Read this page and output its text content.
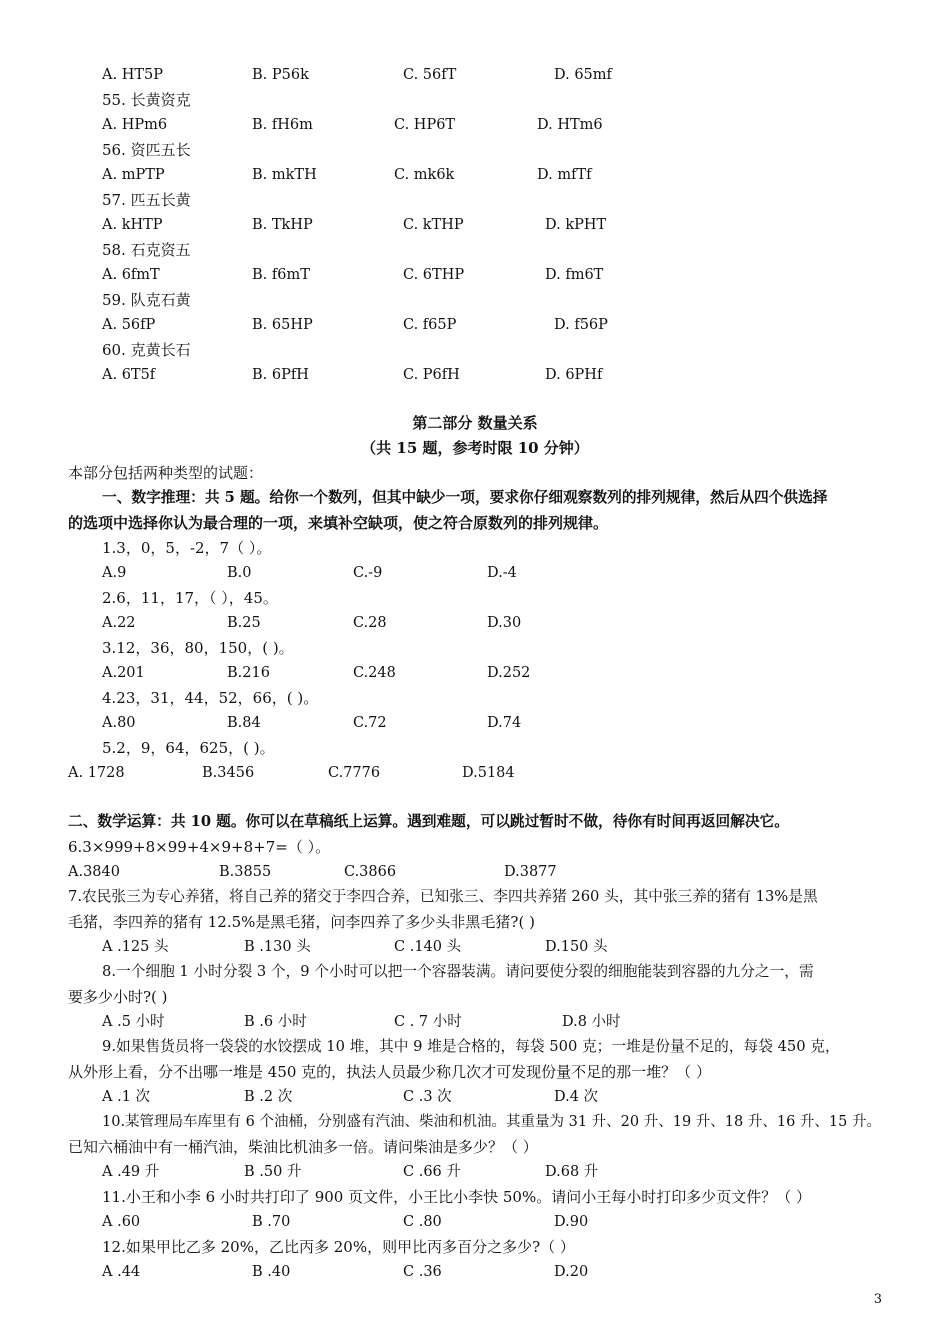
A. HT5P	B. P56k	C. 56fT	D. 65mf
55. 长黄资克
A. HPm6	B. fH6m	C. HP6T	D. HTm6
56. 资匹五长
A. mPTP	B. mkTH	C. mk6k	D. mfTf
57. 匹五长黄
A. kHTP	B. TkHP	C. kTHP	D. kPHT
58. 石克资五
A. 6fmT	B. f6mT	C. 6THP	D. fm6T
59. 队克石黄
A. 56fP	B. 65HP	C. f65P	D. f56P
60. 克黄长石
A. 6T5f	B. 6PfH	C. P6fH	D. 6PHf
第二部分 数量关系
（共 15 题，参考时限 10 分钟）
本部分包括两种类型的试题：
一、数字推理：共 5 题。给你一个数列，但其中缺少一项，要求你仔细观察数列的排列规律，然后从四个供选择
的选项中选择你认为最合理的一项，来填补空缺项，使之符合原数列的排列规律。
1.3，0，5，-2，7（ ）。
A.9	B.0	C.-9	D.-4
2.6，11，17，（ ），45。
A.22	B.25	C.28	D.30
3.12，36，80，150，( )。
A.201	B.216	C.248	D.252
4.23，31，44，52，66，( )。
A.80	B.84	C.72	D.74
5.2，9，64，625，( )。
A. 1728	B.3456	C.7776	D.5184
二、数学运算：共 10 题。你可以在草稿纸上运算。遇到难题，可以跳过暂时不做，待你有时间再返回解决它。
6.3×999+8×99+4×9+8+7=（ ）。
A.3840	B.3855	C.3866	D.3877
7.农民张三为专心养猪，将自己养的猪交于李四合养，已知张三、李四共养猪 260 头，其中张三养的猪有 13%是黑
毛猪，李四养的猪有 12.5%是黑毛猪，问李四养了多少头非黑毛猪?( )
A .125 头	B .130 头	C .140 头	D.150 头
8.一个细胞 1 小时分裂 3 个，9 个小时可以把一个容器装满。请问要使分裂的细胞能装到容器的九分之一，需
要多少小时?( )
A .5 小时	B .6 小时	C . 7 小时	D.8 小时
9.如果售货员将一袋袋的水饺摆成 10 堆，其中 9 堆是合格的，每袋 500 克；一堆是份量不足的，每袋 450 克，
从外形上看，分不出哪一堆是 450 克的，执法人员最少称几次才可发现份量不足的那一堆？（ ）
A .1 次	B .2 次	C .3 次	D.4 次
10.某管理局车库里有 6 个油桶，分别盛有汽油、柴油和机油。其重量为 31 升、20 升、19 升、18 升、16 升、15 升。
已知六桶油中有一桶汽油，柴油比机油多一倍。请问柴油是多少？（ ）
A .49 升	B .50 升	C .66 升	D.68 升
11.小王和小李 6 小时共打印了 900 页文件，小王比小李快 50%。请问小王每小时打印多少页文件？（ ）
A .60	B .70	C .80	D.90
12.如果甲比乙多 20%，乙比丙多 20%，则甲比丙多百分之多少?（ ）
A .44	B .40	C .36	D.20
3
